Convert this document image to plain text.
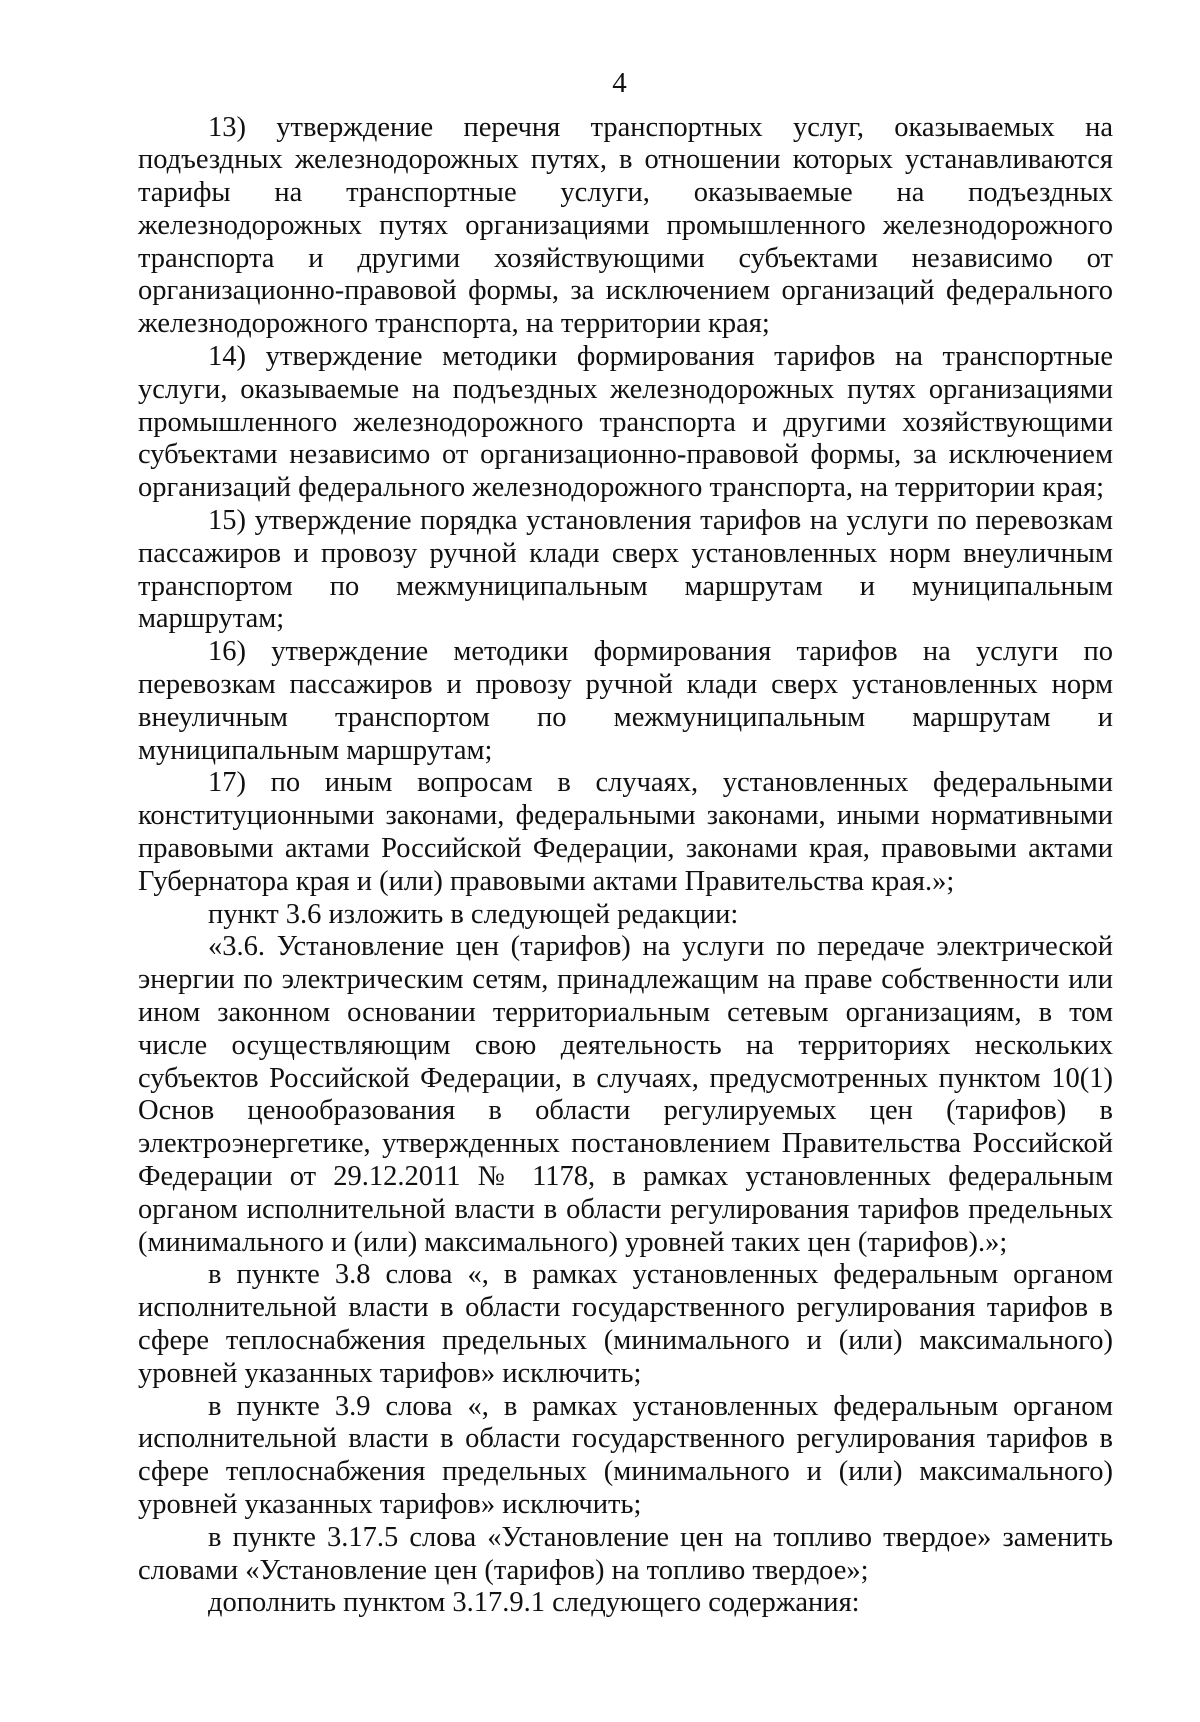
4

13) утверждение перечня транспортных услуг, оказываемых на подъездных железнодорожных путях, в отношении которых устанавливаются тарифы на транспортные услуги, оказываемые на подъездных железнодорожных путях организациями промышленного железнодорожного транспорта и другими хозяйствующими субъектами независимо от организационно-правовой формы, за исключением организаций федерального железнодорожного транспорта, на территории края;

14) утверждение методики формирования тарифов на транспортные услуги, оказываемые на подъездных железнодорожных путях организациями промышленного железнодорожного транспорта и другими хозяйствующими субъектами независимо от организационно-правовой формы, за исключением организаций федерального железнодорожного транспорта, на территории края;

15) утверждение порядка установления тарифов на услуги по перевозкам пассажиров и провозу ручной клади сверх установленных норм внеуличным транспортом по межмуниципальным маршрутам и муниципальным маршрутам;

16) утверждение методики формирования тарифов на услуги по перевозкам пассажиров и провозу ручной клади сверх установленных норм внеуличным транспортом по межмуниципальным маршрутам и муниципальным маршрутам;

17) по иным вопросам в случаях, установленных федеральными конституционными законами, федеральными законами, иными нормативными правовыми актами Российской Федерации, законами края, правовыми актами Губернатора края и (или) правовыми актами Правительства края.»;

пункт 3.6 изложить в следующей редакции:

«3.6. Установление цен (тарифов) на услуги по передаче электрической энергии по электрическим сетям, принадлежащим на праве собственности или ином законном основании территориальным сетевым организациям, в том числе осуществляющим свою деятельность на территориях нескольких субъектов Российской Федерации, в случаях, предусмотренных пунктом 10(1) Основ ценообразования в области регулируемых цен (тарифов) в электроэнергетике, утвержденных постановлением Правительства Российской Федерации от 29.12.2011 № 1178, в рамках установленных федеральным органом исполнительной власти в области регулирования тарифов предельных (минимального и (или) максимального) уровней таких цен (тарифов).»;

в пункте 3.8 слова «, в рамках установленных федеральным органом исполнительной власти в области государственного регулирования тарифов в сфере теплоснабжения предельных (минимального и (или) максимального) уровней указанных тарифов» исключить;

в пункте 3.9 слова «, в рамках установленных федеральным органом исполнительной власти в области государственного регулирования тарифов в сфере теплоснабжения предельных (минимального и (или) максимального) уровней указанных тарифов» исключить;

в пункте 3.17.5 слова «Установление цен на топливо твердое» заменить словами «Установление цен (тарифов) на топливо твердое»;

дополнить пунктом 3.17.9.1 следующего содержания:
